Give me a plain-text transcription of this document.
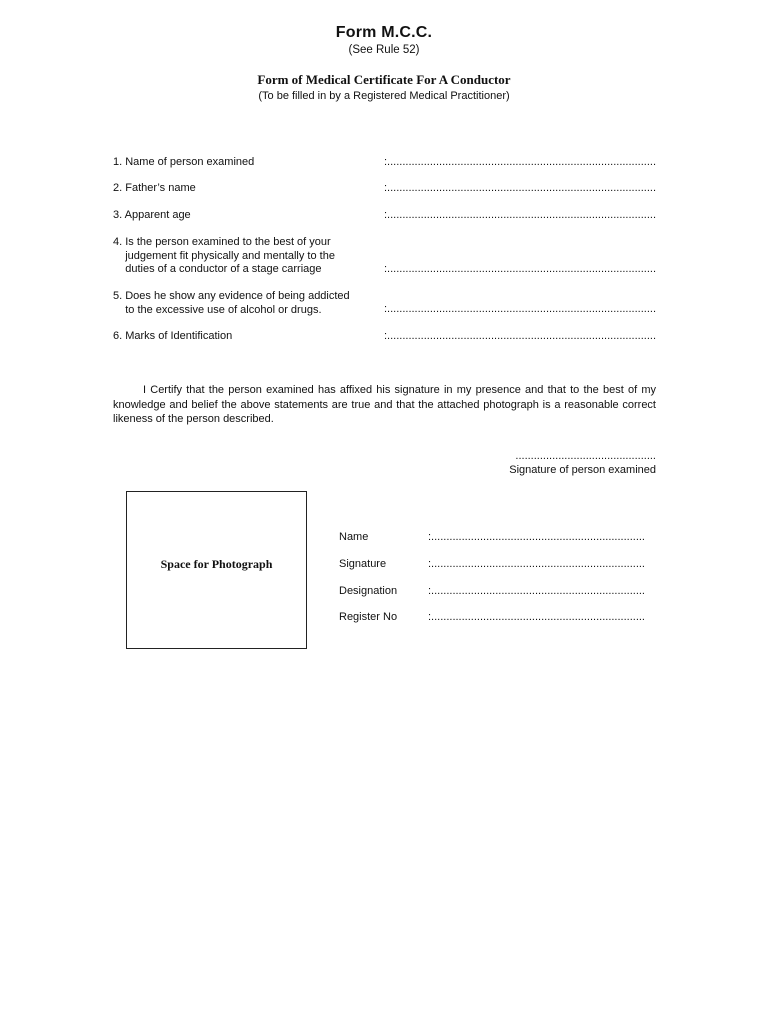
Form M.C.C.
(See Rule 52)
Form of Medical Certificate For A Conductor
(To be filled in by a Registered Medical Practitioner)
1. Name of person examined	:........................................................................................
2. Father’s name	:........................................................................................
3. Apparent age	:........................................................................................
4. Is the person examined to the best of your
judgement fit physically and mentally to the
duties of a conductor of a stage carriage	:........................................................................................
5. Does he show any evidence of being addicted
to the excessive use of alcohol or drugs.	:........................................................................................
6. Marks of Identification	:........................................................................................
I Certify that the person examined has affixed his signature in my presence and that to the best of my knowledge and belief the above statements are true and that the attached photograph is a reasonable correct likeness of the person described.
..............................................
Signature of person examined
Space for Photograph
Name	:......................................................................
Signature	:......................................................................
Designation	:......................................................................
Register No	:......................................................................
